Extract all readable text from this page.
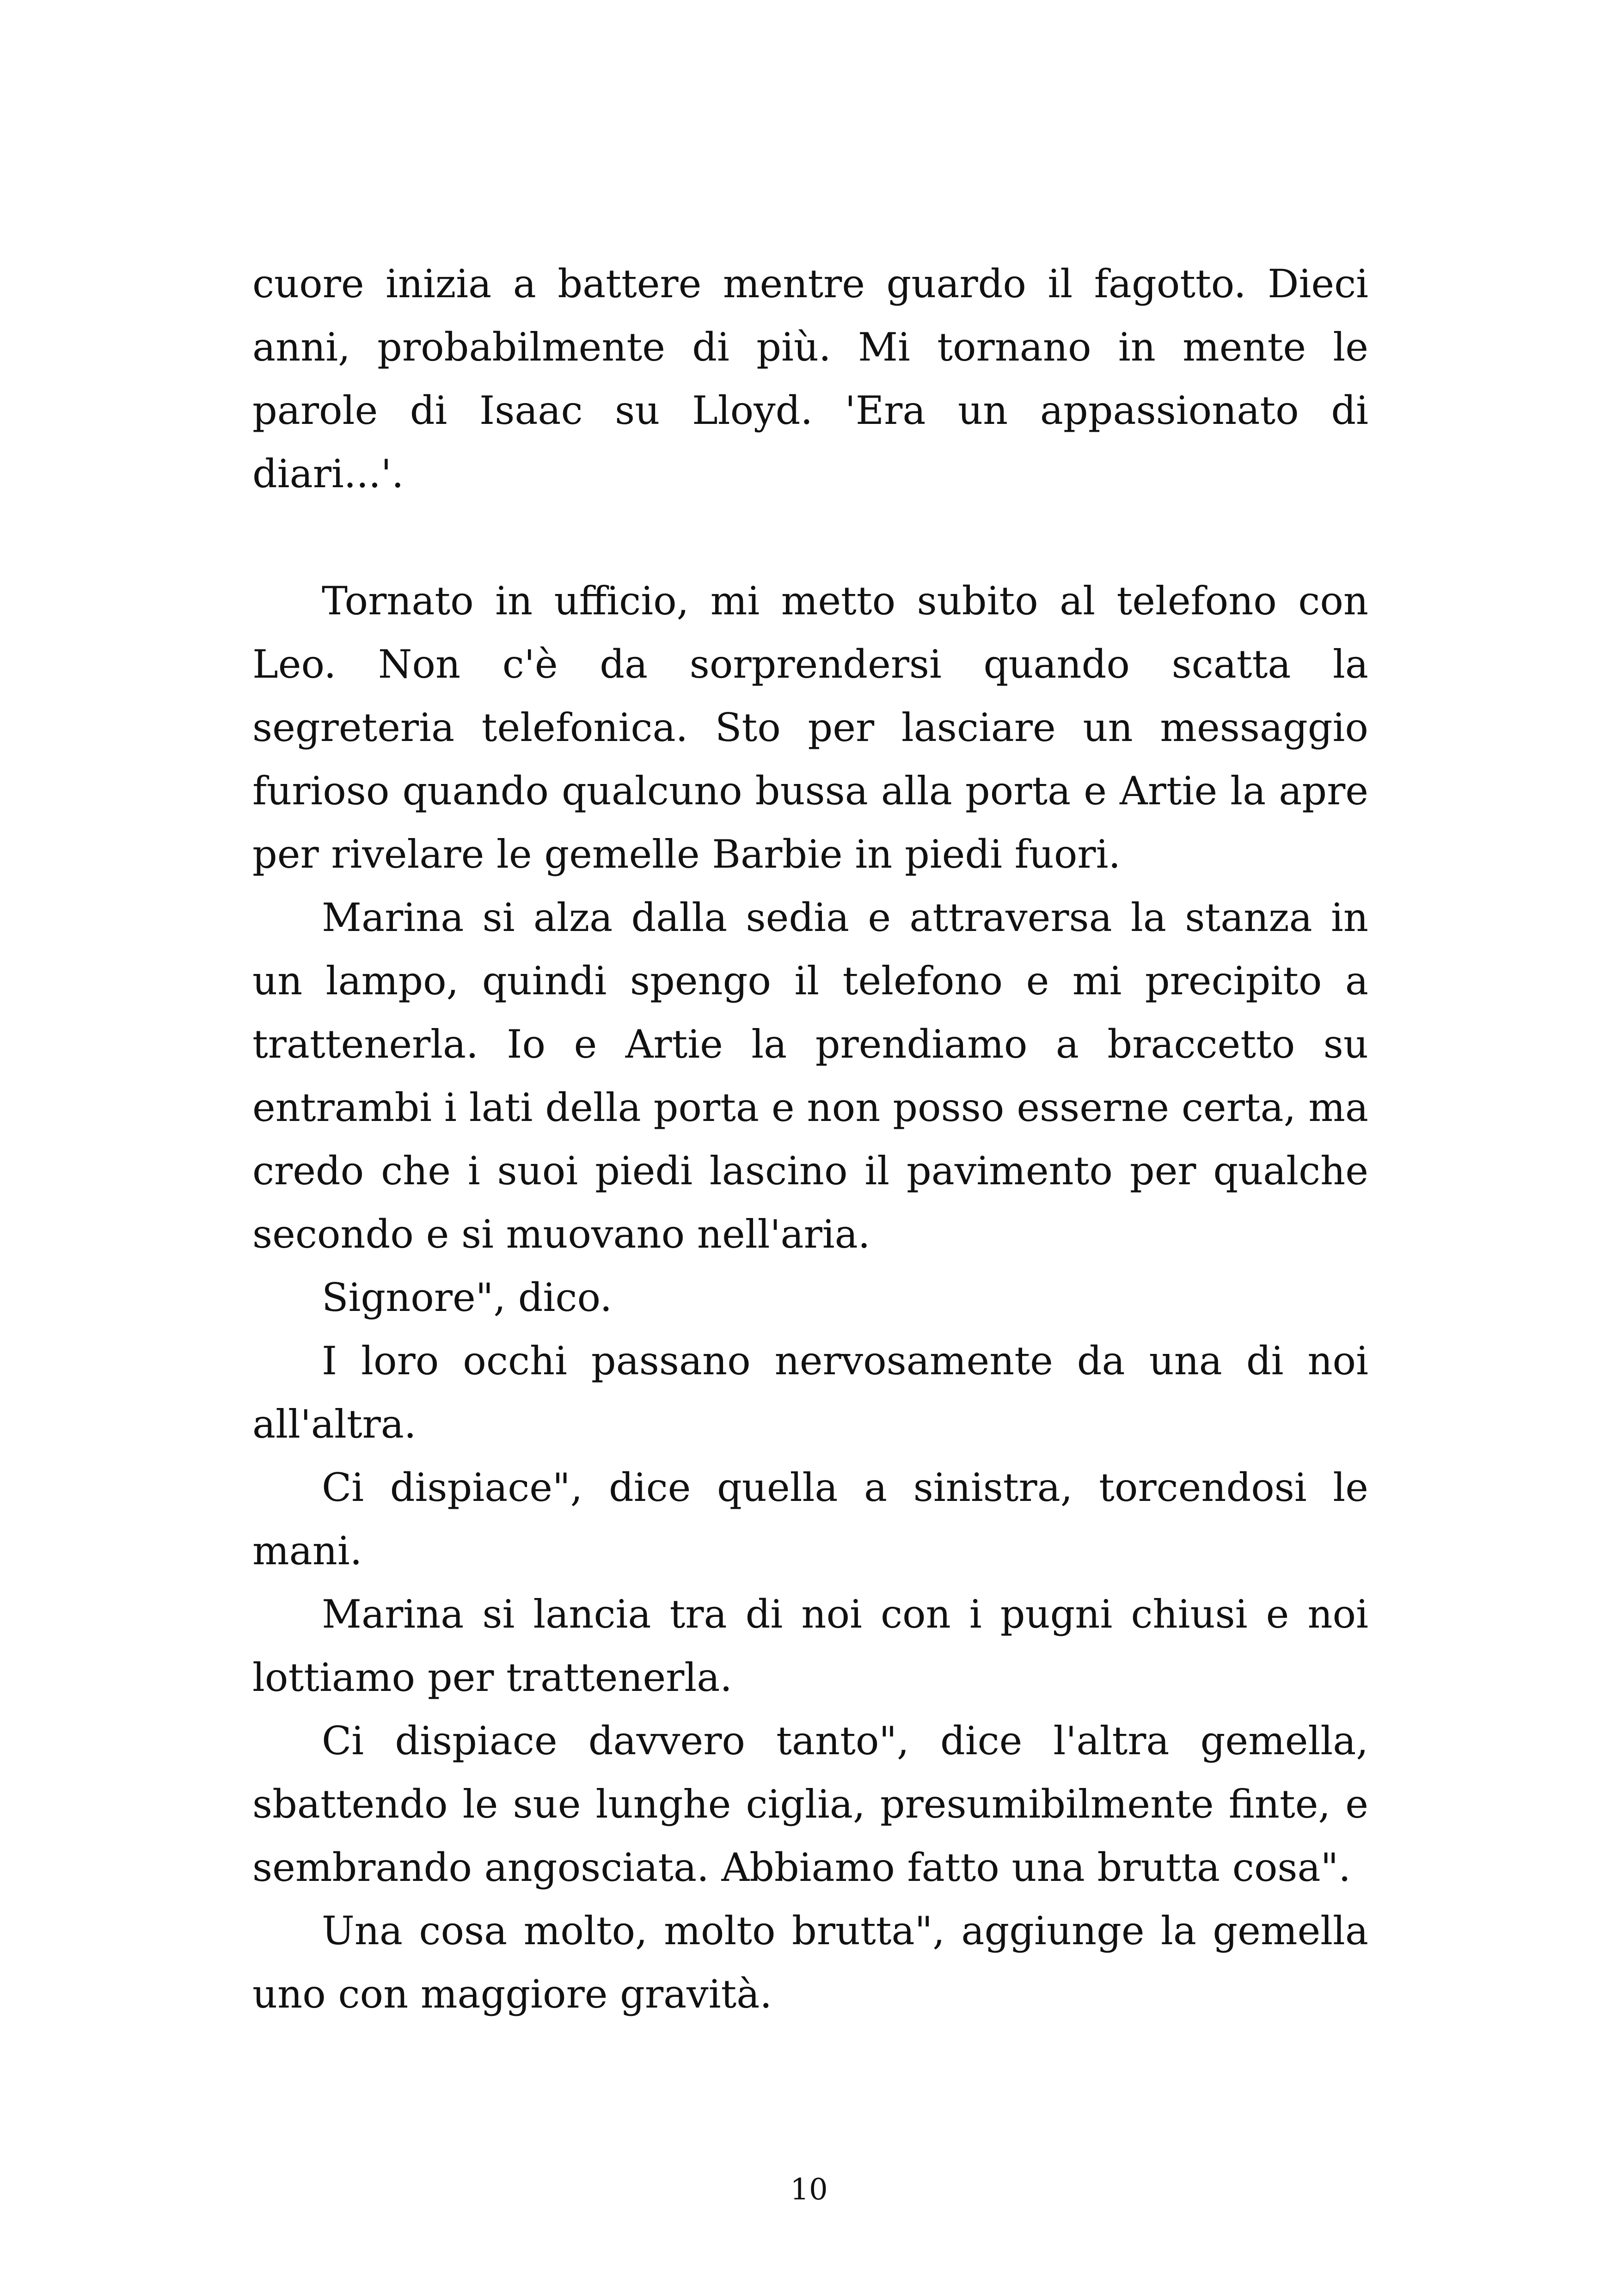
cuore inizia a battere mentre guardo il fagotto. Dieci anni, probabilmente di più. Mi tornano in mente le parole di Isaac su Lloyd. 'Era un appassionato di diari...'.

Tornato in ufficio, mi metto subito al telefono con Leo. Non c'è da sorprendersi quando scatta la segreteria telefonica. Sto per lasciare un messaggio furioso quando qualcuno bussa alla porta e Artie la apre per rivelare le gemelle Barbie in piedi fuori.

Marina si alza dalla sedia e attraversa la stanza in un lampo, quindi spengo il telefono e mi precipito a trattenerla. Io e Artie la prendiamo a braccetto su entrambi i lati della porta e non posso esserne certa, ma credo che i suoi piedi lascino il pavimento per qualche secondo e si muovano nell'aria.

Signore", dico.

I loro occhi passano nervosamente da una di noi all'altra.

Ci dispiace", dice quella a sinistra, torcendosi le mani.

Marina si lancia tra di noi con i pugni chiusi e noi lottiamo per trattenerla.

Ci dispiace davvero tanto", dice l'altra gemella, sbattendo le sue lunghe ciglia, presumibilmente finte, e sembrando angosciata. Abbiamo fatto una brutta cosa".

Una cosa molto, molto brutta", aggiunge la gemella uno con maggiore gravità.

10
